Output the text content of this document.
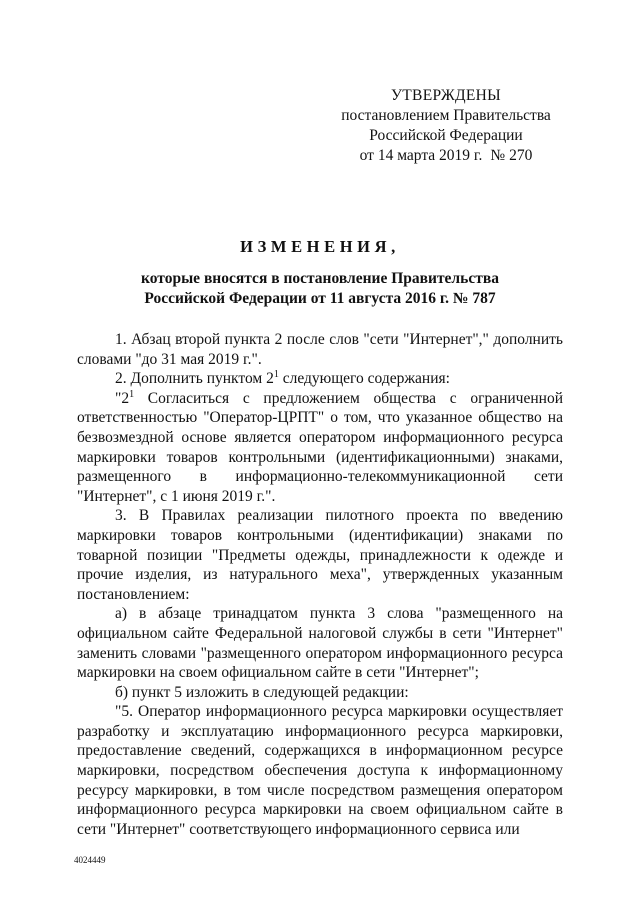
УТВЕРЖДЕНЫ
постановлением Правительства
Российской Федерации
от 14 марта 2019 г. № 270
ИЗМЕНЕНИЯ,
которые вносятся в постановление Правительства
Российской Федерации от 11 августа 2016 г. № 787

1. Абзац второй пункта 2 после слов "сети "Интернет"," дополнить словами "до 31 мая 2019 г.".

2. Дополнить пунктом $2^1$ следующего содержания:

"$2^1$ Согласиться с предложением общества с ограниченной ответственностью "Оператор-ЦРПТ" о том, что указанное общество на безвозмездной основе является оператором информационного ресурса маркировки товаров контрольными (идентификационными) знаками, размещенного в информационно-телекоммуникационной сети "Интернет", с 1 июня 2019 г.".

3. В Правилах реализации пилотного проекта по введению маркировки товаров контрольными (идентификации) знаками по товарной позиции "Предметы одежды, принадлежности к одежде и прочие изделия, из натурального меха", утвержденных указанным постановлением:

а) в абзаце тринадцатом пункта 3 слова "размещенного на официальном сайте Федеральной налоговой службы в сети "Интернет" заменить словами "размещенного оператором информационного ресурса маркировки на своем официальном сайте в сети "Интернет";

б) пункт 5 изложить в следующей редакции:

"5. Оператор информационного ресурса маркировки осуществляет разработку и эксплуатацию информационного ресурса маркировки, предоставление сведений, содержащихся в информационном ресурсе маркировки, посредством обеспечения доступа к информационному ресурсу маркировки, в том числе посредством размещения оператором информационного ресурса маркировки на своем официальном сайте в сети "Интернет" соответствующего информационного сервиса или

4024449
